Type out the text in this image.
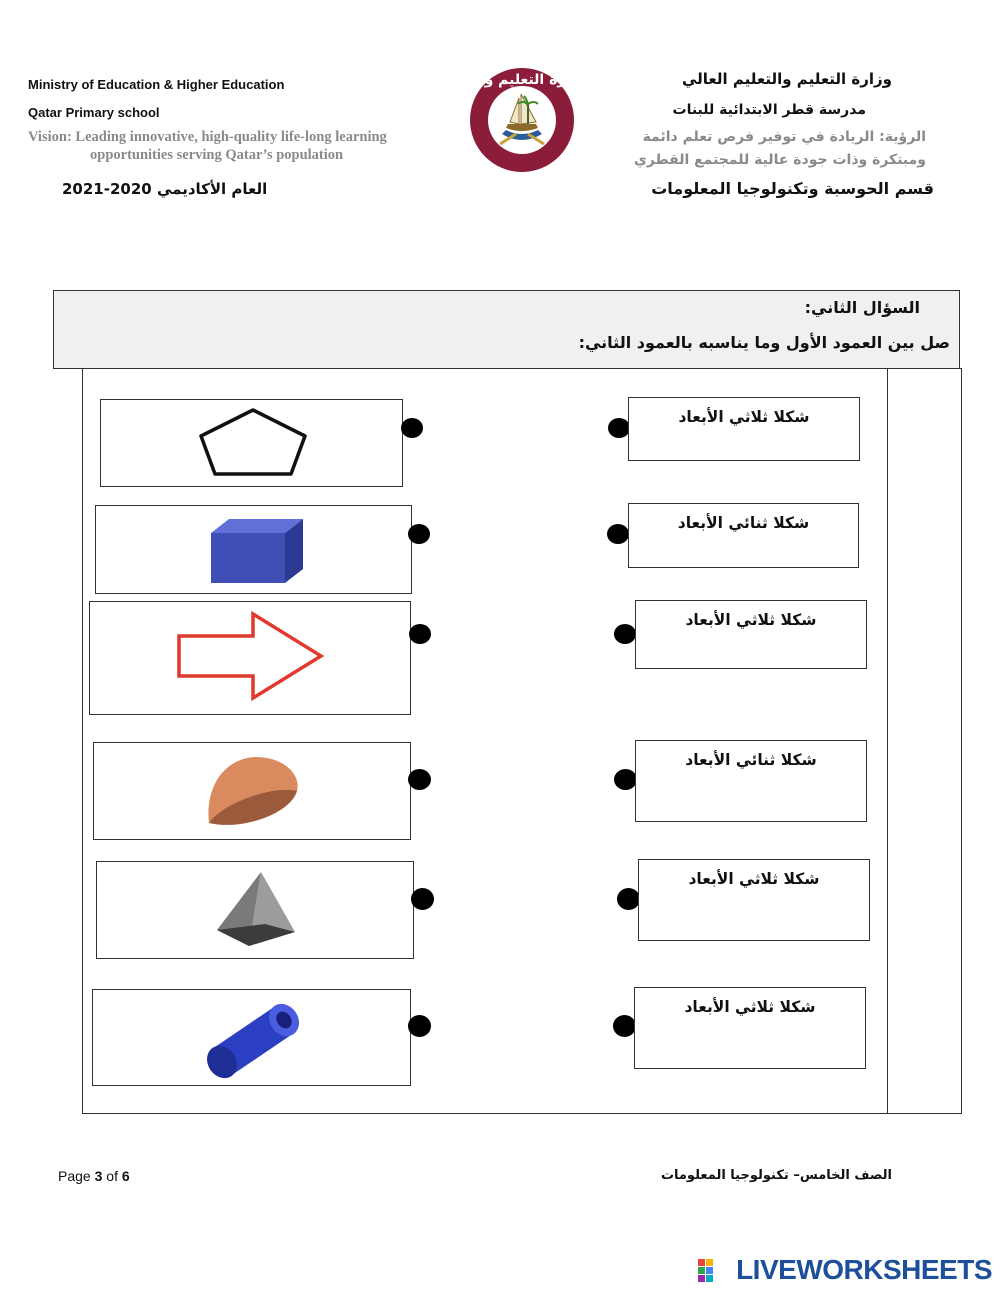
Ministry of Education & Higher Education
Qatar Primary school
Vision: Leading innovative, high-quality life-long learning
opportunities serving Qatar’s population
العام الأكاديمي 2020-2021
دولة قطر وزارة التعليم و التعليم العالي وزارة التعليم والتعليم العالي
مدرسة قطر الابتدائية للبنات
الرؤية: الريادة في توفير فرص تعلم دائمة
ومبتكرة وذات جودة عالية للمجتمع القطري
قسم الحوسبة وتكنولوجيا المعلومات
السؤال الثاني:
صل بين العمود الأول وما يناسبه بالعمود الثاني:
شكلا ثلاثي الأبعاد
شكلا ثنائي الأبعاد
شكلا ثلاثي الأبعاد
شكلا ثنائي الأبعاد
شكلا ثلاثي الأبعاد
شكلا ثلاثي الأبعاد
Page 3 of 6	الصف الخامس– تكنولوجيا المعلومات
LIVEWORKSHEETS
